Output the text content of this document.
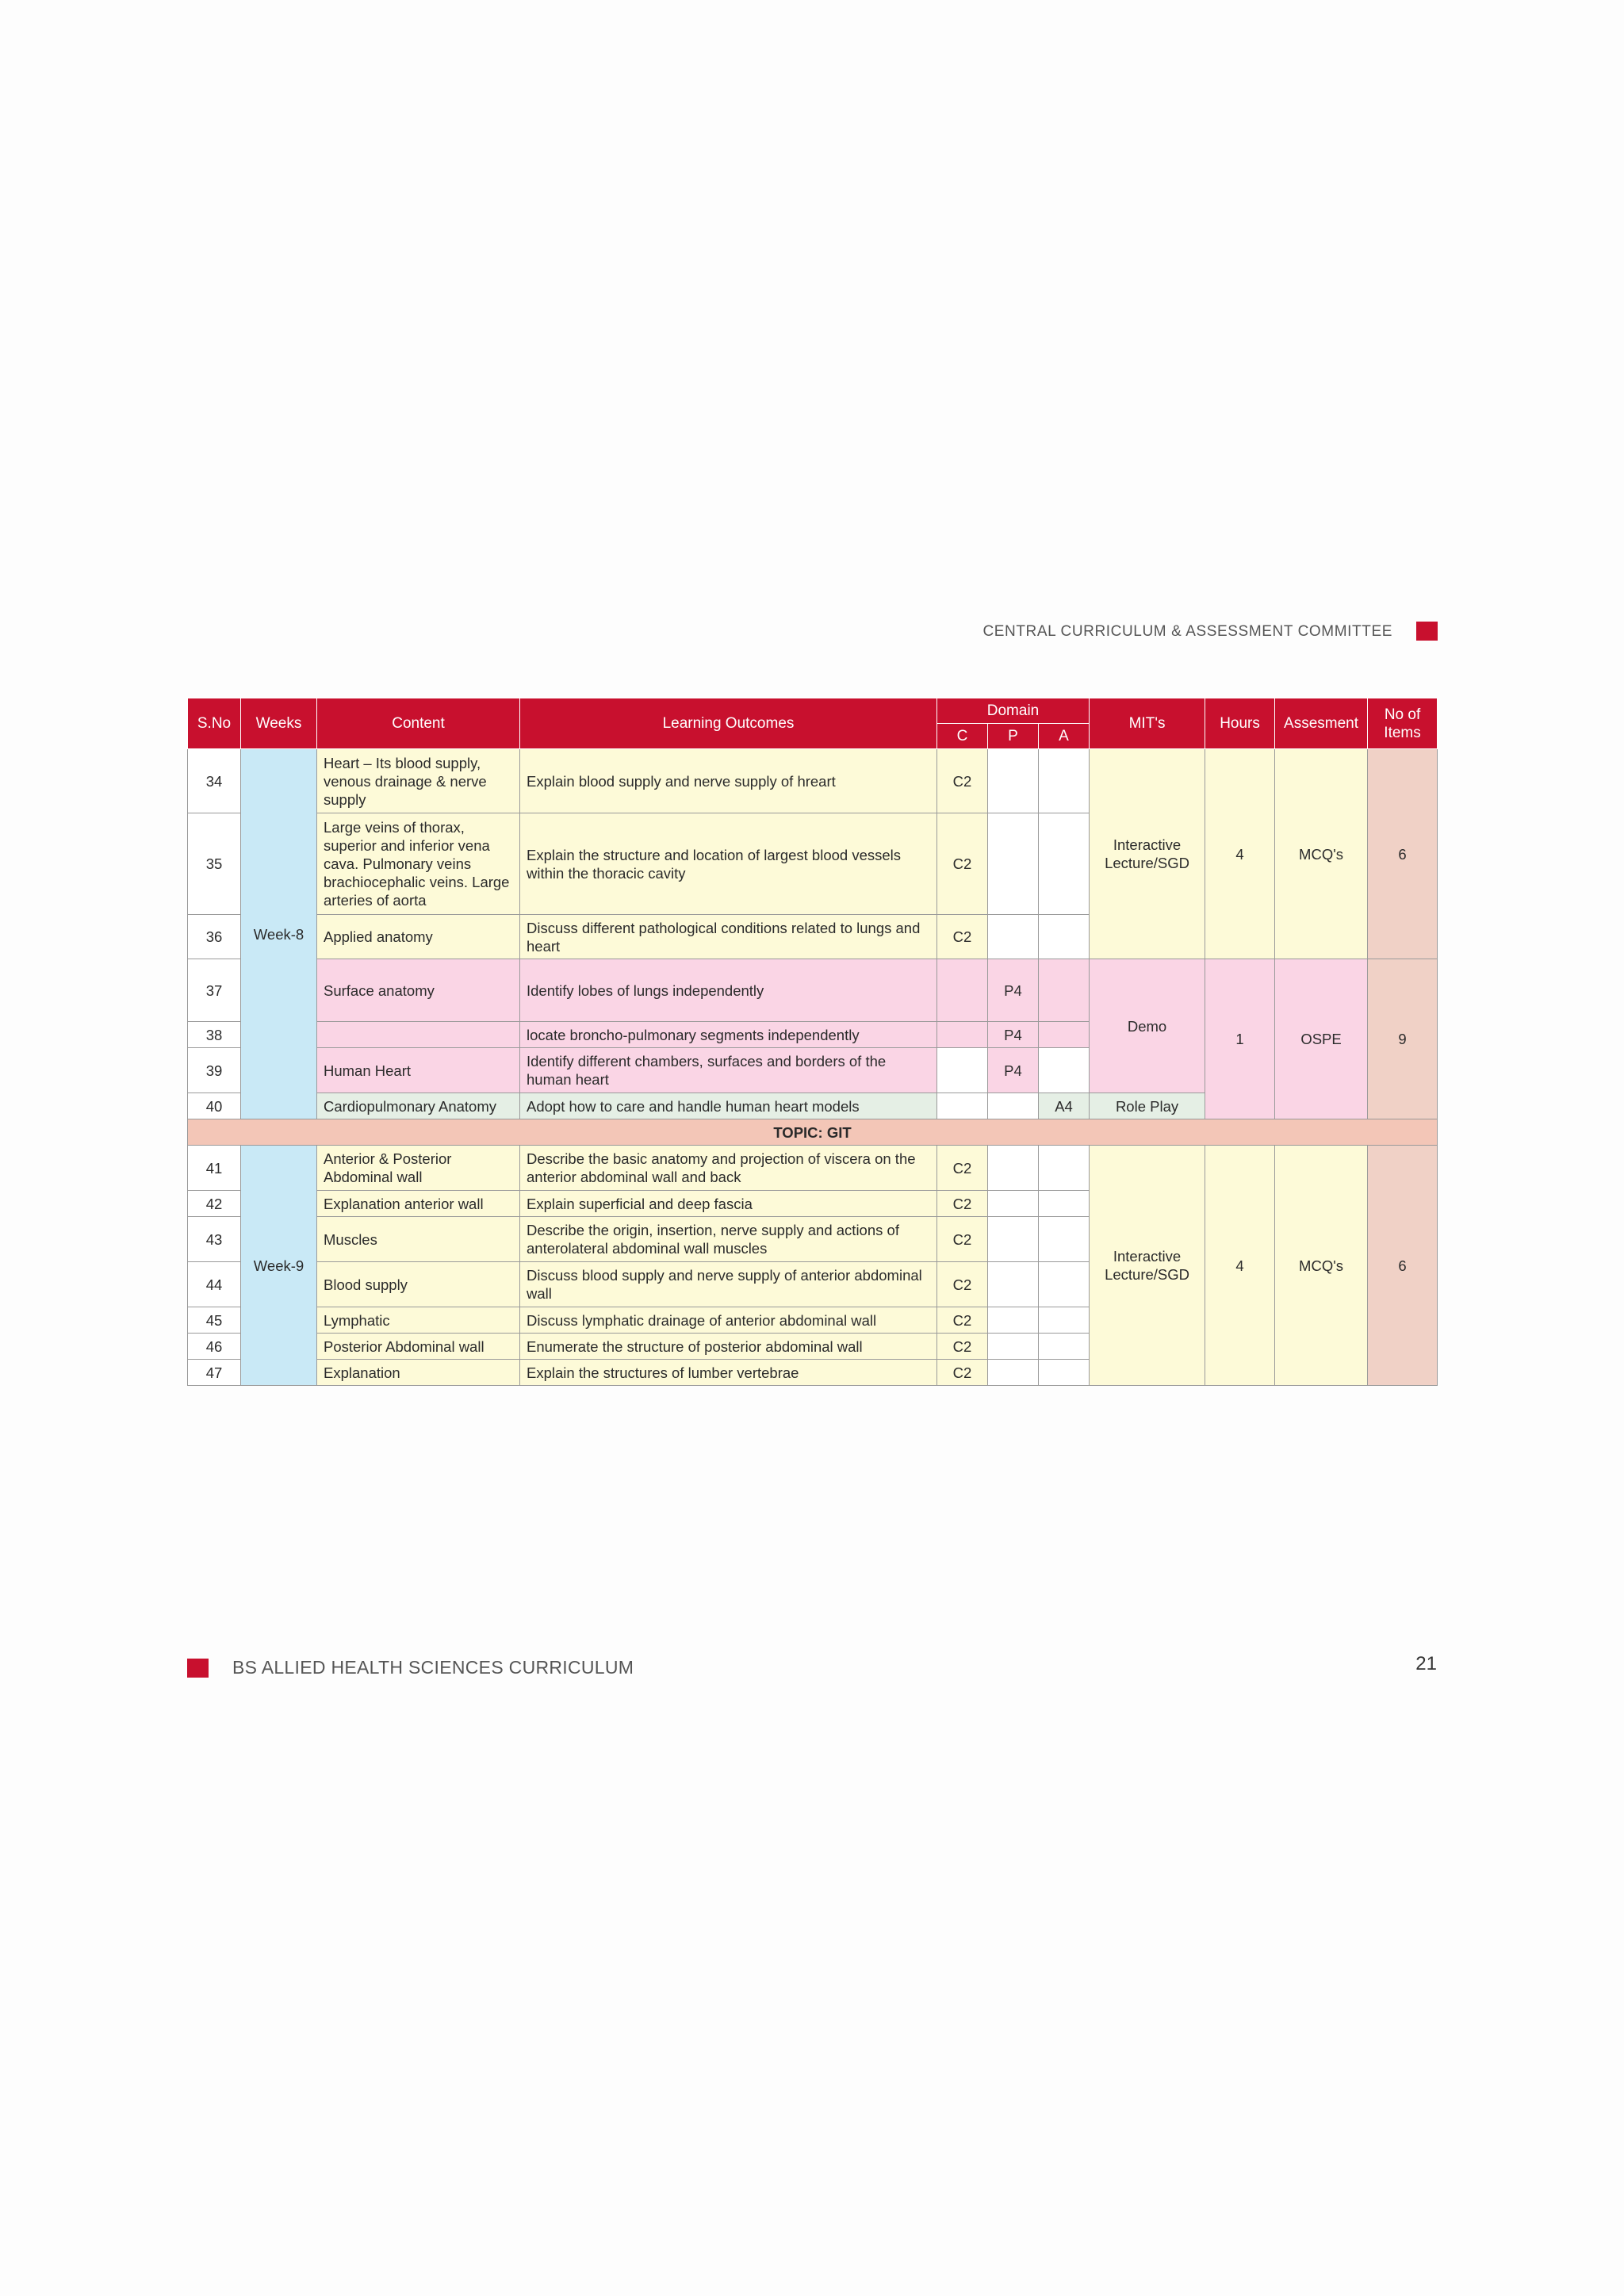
CENTRAL CURRICULUM & ASSESSMENT COMMITTEE
S.No	Weeks	Content	Learning Outcomes	Domain			MIT's	Hours	Assesment	No of Items
				C	P	A				
34	Week-8	Heart – Its blood supply, venous drainage & nerve supply	Explain blood supply and nerve supply of hreart	C2			Interactive Lecture/SGD	4	MCQ's	6
35		Large veins of thorax, superior and inferior vena cava. Pulmonary veins brachiocephalic veins. Large arteries of aorta	Explain the structure and location of largest blood vessels within the thoracic cavity	C2						
36		Applied anatomy	Discuss different pathological conditions related to lungs and heart	C2						
37		Surface anatomy	Identify lobes of lungs independently		P4		Demo	1	OSPE	9
38			locate broncho-pulmonary segments independently		P4					
39		Human Heart	Identify different chambers, surfaces and borders of the human heart		P4					
40		Cardiopulmonary Anatomy	Adopt how to care and handle human heart models			A4	Role Play			
TOPIC: GIT										
41	Week-9	Anterior & Posterior Abdominal wall	Describe the basic anatomy and projection of viscera on the anterior abdominal wall and back	C2			Interactive Lecture/SGD	4	MCQ's	6
42		Explanation anterior wall	Explain superficial and deep fascia	C2						
43		Muscles	Describe the origin, insertion, nerve supply and actions of anterolateral abdominal wall muscles	C2						
44		Blood supply	Discuss blood supply and nerve supply of anterior abdominal wall	C2						
45		Lymphatic	Discuss lymphatic drainage of anterior abdominal wall	C2						
46		Posterior Abdominal wall	Enumerate the structure of posterior abdominal wall	C2						
47		Explanation	Explain the structures of lumber vertebrae	C2						
BS ALLIED HEALTH SCIENCES CURRICULUM	21
